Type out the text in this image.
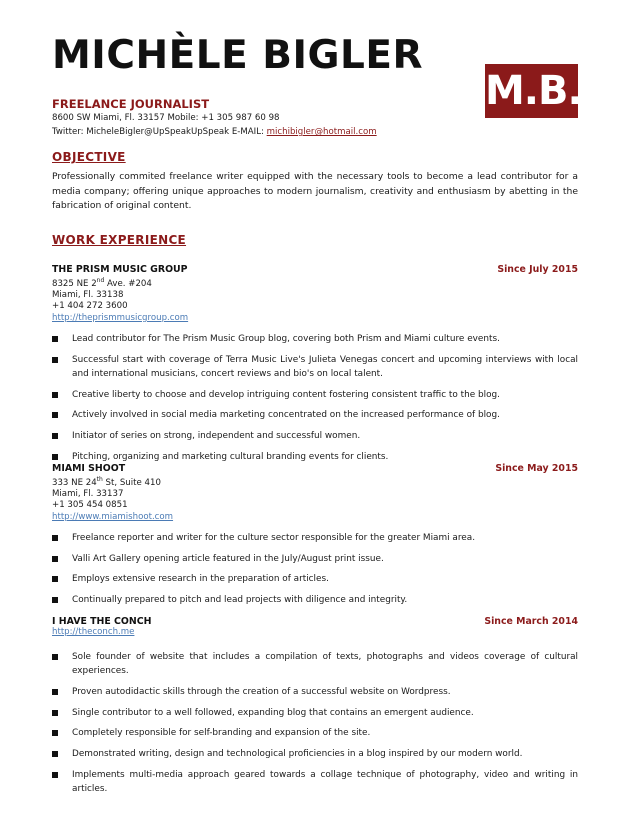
MICHÈLE BIGLER
M.B.
FREELANCE JOURNALIST
8600 SW Miami, Fl. 33157 Mobile: +1 305 987 60 98
Twitter: MicheleBigler@UpSpeakUpSpeak E-MAIL: michibigler@hotmail.com
OBJECTIVE
Professionally commited freelance writer equipped with the necessary tools to become a lead contributor for a media company; offering unique approaches to modern journalism, creativity and enthusiasm by abetting in the fabrication of original content.
WORK EXPERIENCE
THE PRISM MUSIC GROUP	Since July 2015
8325 NE 2nd Ave. #204
Miami, Fl. 33138
+1 404 272 3600
http://theprismmusicgroup.com
Lead contributor for The Prism Music Group blog, covering both Prism and Miami culture events.
Successful start with coverage of Terra Music Live's Julieta Venegas concert and upcoming interviews with local and international musicians, concert reviews and bio's on local talent.
Creative liberty to choose and develop intriguing content fostering consistent traffic to the blog.
Actively involved in social media marketing concentrated on the increased performance of blog.
Initiator of series on strong, independent and successful women.
Pitching, organizing and marketing cultural branding events for clients.
MIAMI SHOOT	Since May 2015
333 NE 24th St, Suite 410
Miami, Fl. 33137
+1 305 454 0851
http://www.miamishoot.com
Freelance reporter and writer for the culture sector responsible for the greater Miami area.
Valli Art Gallery opening article featured in the July/August print issue.
Employs extensive research in the preparation of articles.
Continually prepared to pitch and lead projects with diligence and integrity.
I HAVE THE CONCH	Since March 2014
http://theconch.me
Sole founder of website that includes a compilation of texts, photographs and videos coverage of cultural experiences.
Proven autodidactic skills through the creation of a successful website on Wordpress.
Single contributor to a well followed, expanding blog that contains an emergent audience.
Completely responsible for self-branding and expansion of the site.
Demonstrated writing, design and technological proficiencies in a blog inspired by our modern world.
Implements multi-media approach geared towards a collage technique of photography, video and writing in articles.
